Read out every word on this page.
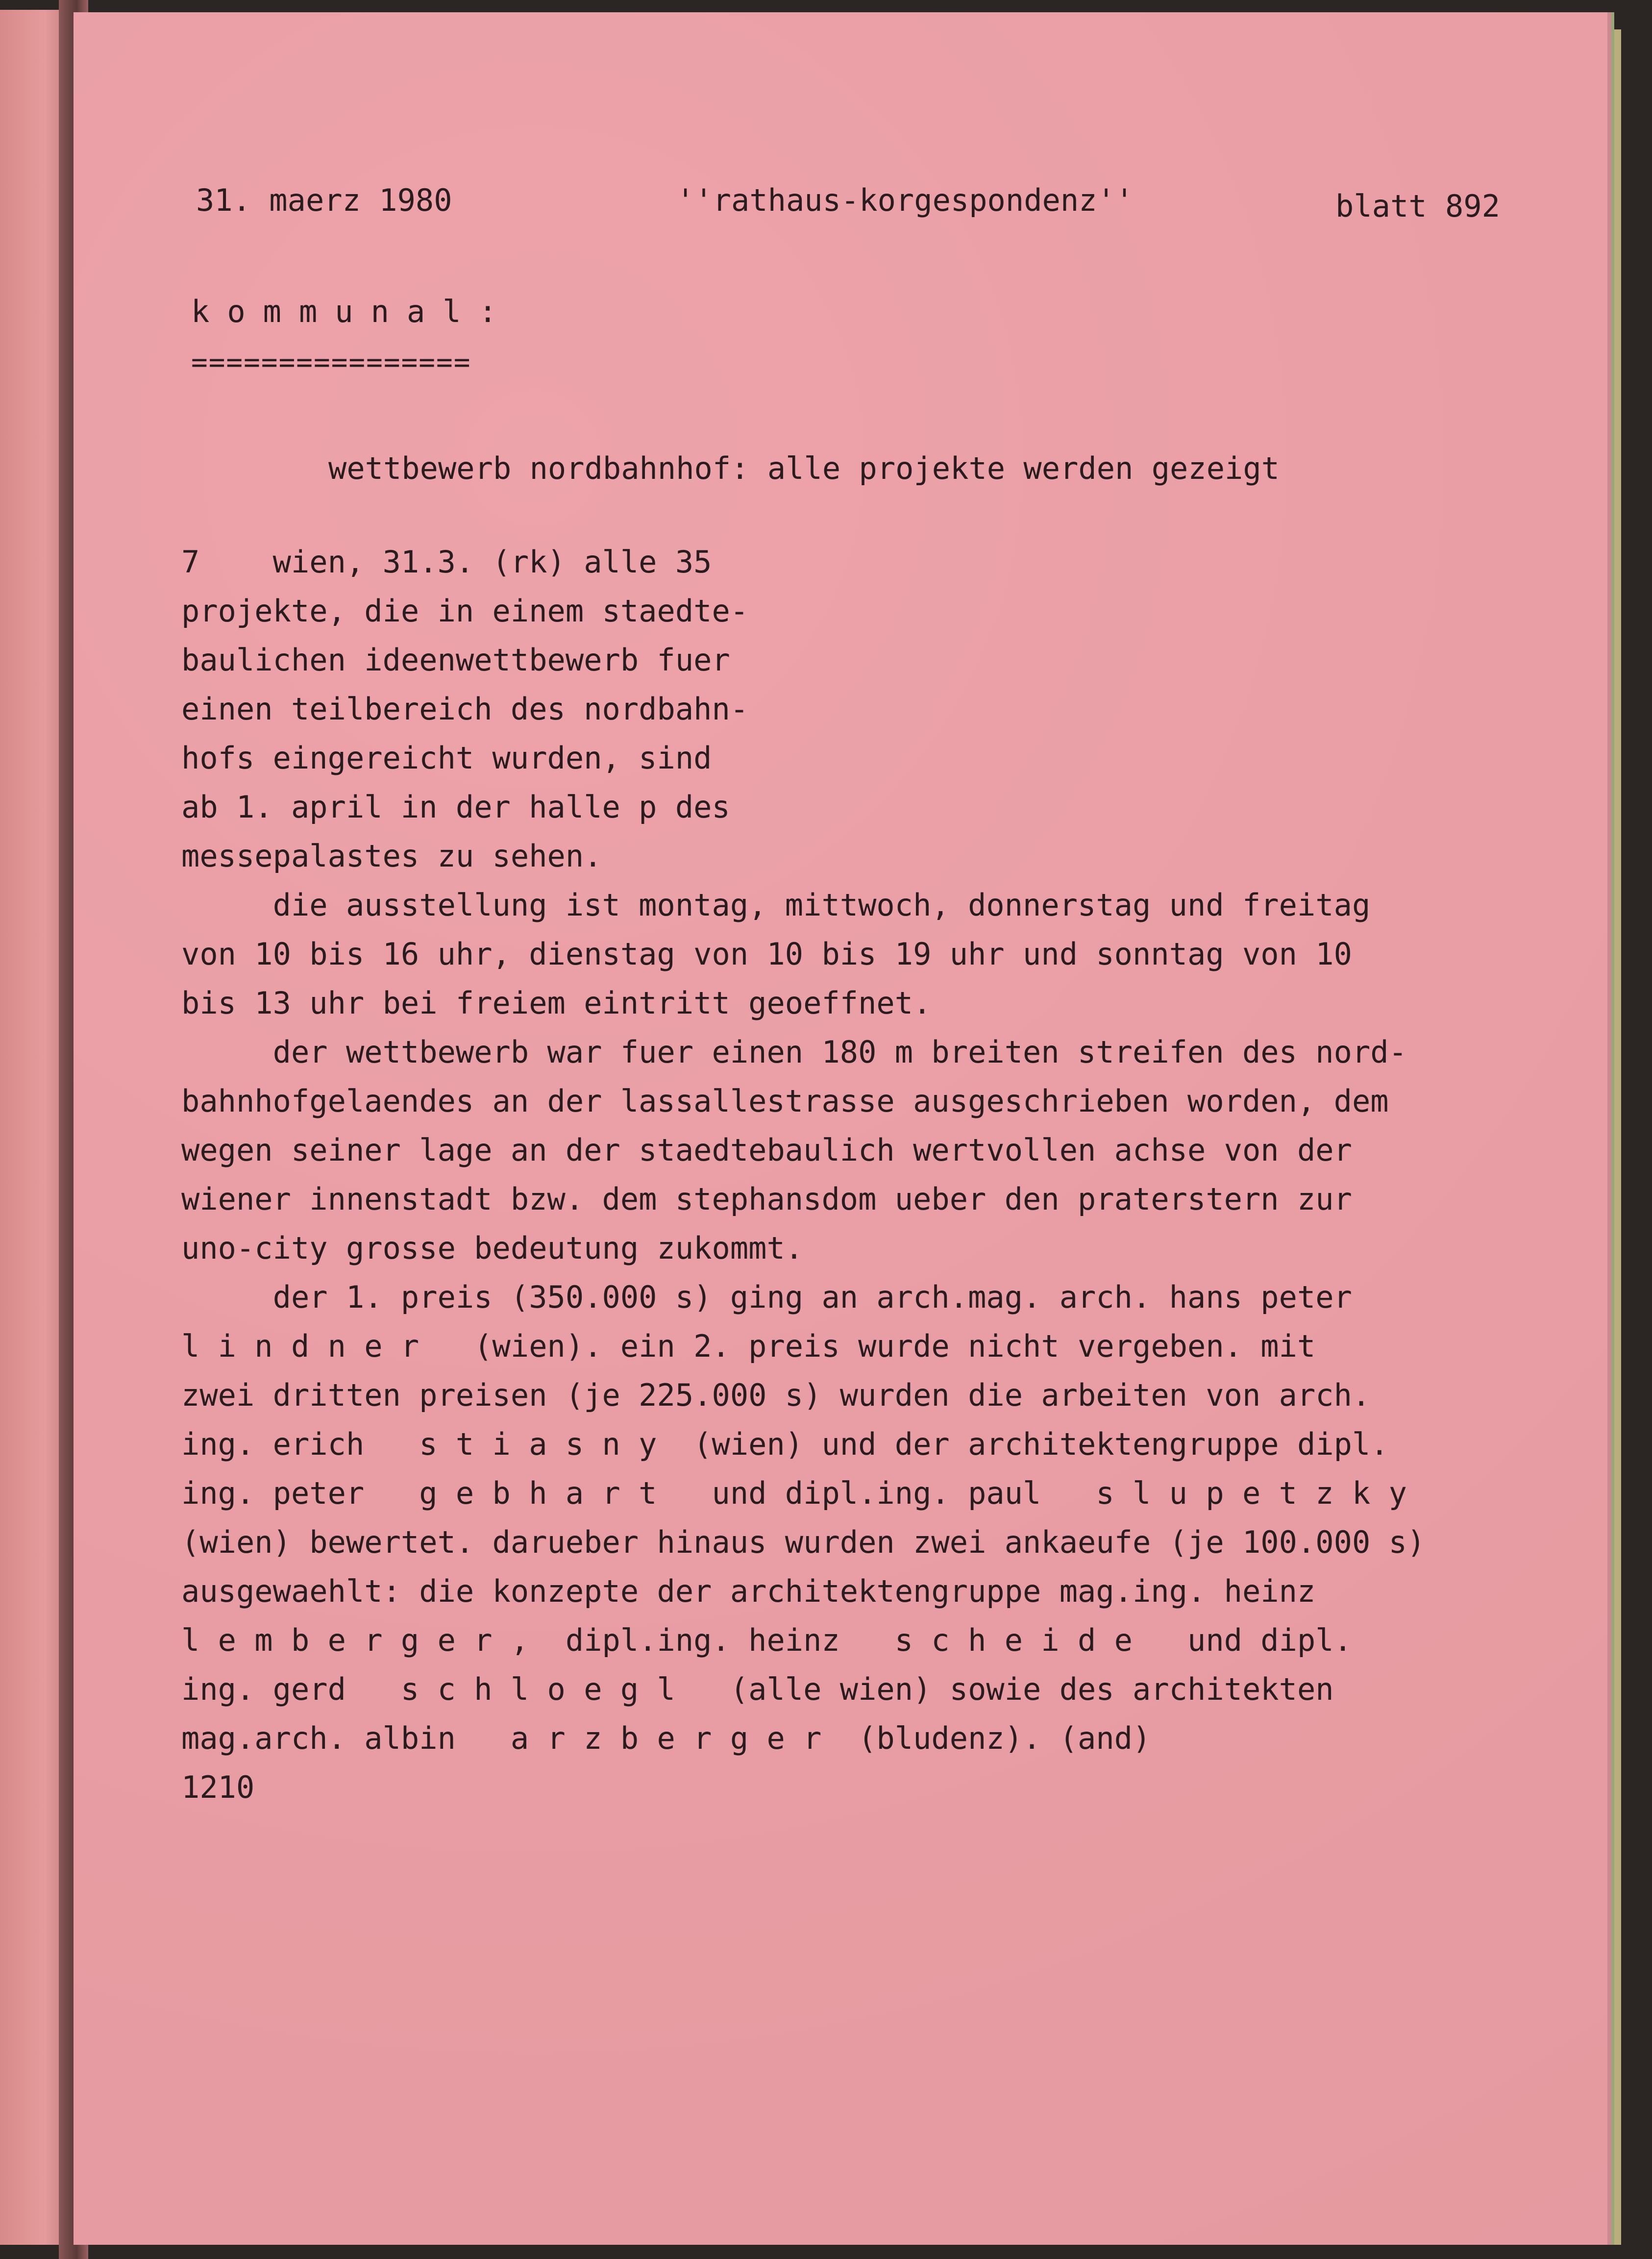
31. maerz 1980	''rathaus-korgespondenz''	blatt 892
kommunal:
================
wettbewerb nordbahnhof: alle projekte werden gezeigt
7    wien, 31.3. (rk) alle 35
projekte, die in einem staedte-
baulichen ideenwettbewerb fuer
einen teilbereich des nordbahn-
hofs eingereicht wurden, sind
ab 1. april in der halle p des
messepalastes zu sehen.
die ausstellung ist montag, mittwoch, donnerstag und freitag
von 10 bis 16 uhr, dienstag von 10 bis 19 uhr und sonntag von 10
bis 13 uhr bei freiem eintritt geoeffnet.
der wettbewerb war fuer einen 180 m breiten streifen des nord-
bahnhofgelaendes an der lassallestrasse ausgeschrieben worden, dem
wegen seiner lage an der staedtebaulich wertvollen achse von der
wiener innenstadt bzw. dem stephansdom ueber den praterstern zur
uno-city grosse bedeutung zukommt.
der 1. preis (350.000 s) ging an arch.mag. arch. hans peter
l i n d n e r   (wien). ein 2. preis wurde nicht vergeben. mit
zwei dritten preisen (je 225.000 s) wurden die arbeiten von arch.
ing. erich   s t i a s n y  (wien) und der architektengruppe dipl.
ing. peter   g e b h a r t   und dipl.ing. paul   s l u p e t z k y
(wien) bewertet. darueber hinaus wurden zwei ankaeufe (je 100.000 s)
ausgewaehlt: die konzepte der architektengruppe mag.ing. heinz
l e m b e r g e r ,  dipl.ing. heinz   s c h e i d e   und dipl.
ing. gerd   s c h l o e g l   (alle wien) sowie des architekten
mag.arch. albin   a r z b e r g e r  (bludenz). (and)
1210
